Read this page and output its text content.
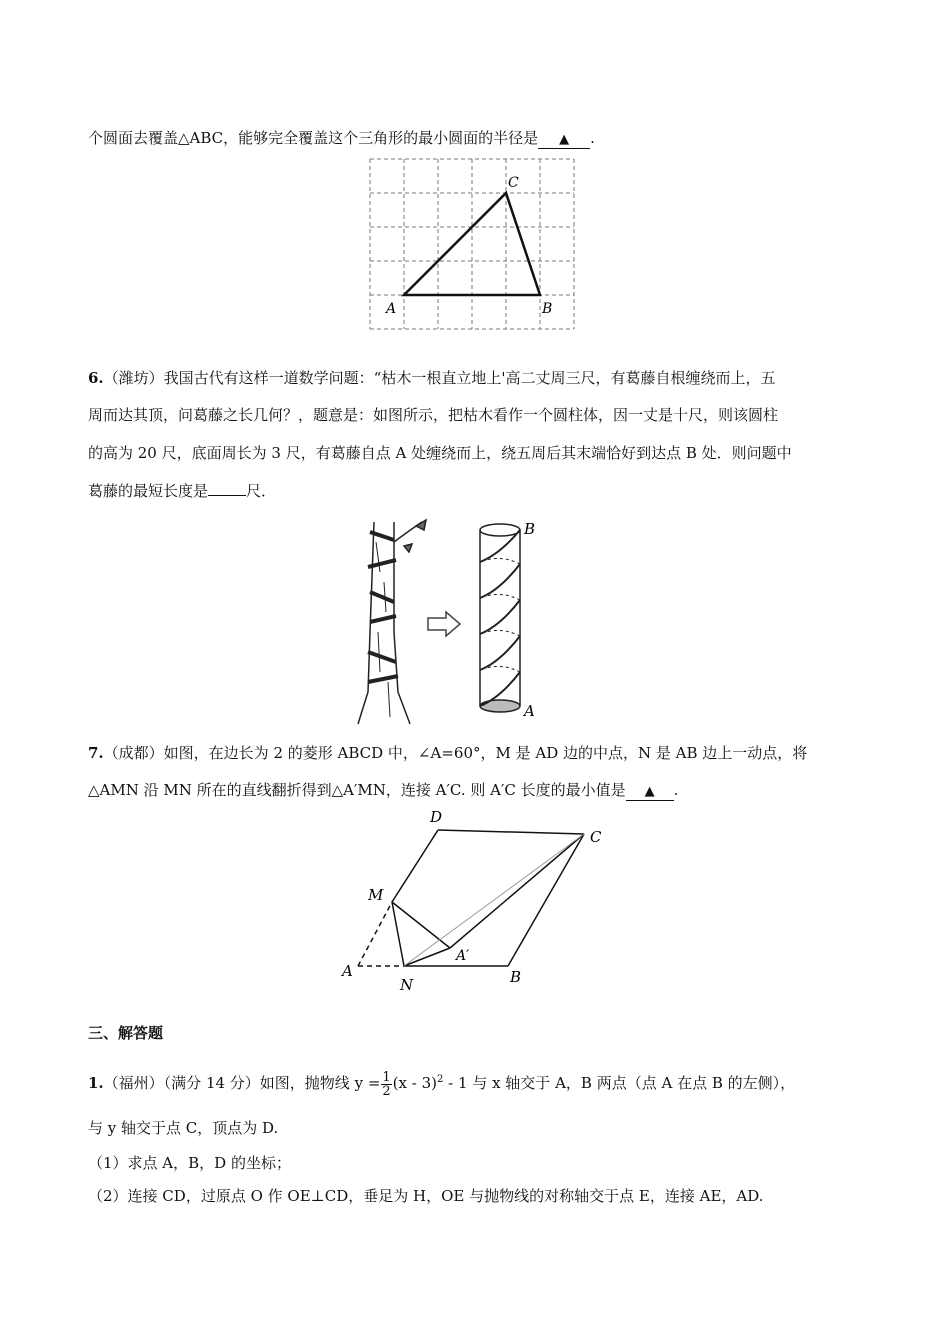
个圆面去覆盖△ABC，能够完全覆盖这个三角形的最小圆面的半径是 ▲ .
A	B
C
6.（潍坊）我国古代有这样一道数学问题：“枯木一根直立地上'高二丈周三尺，有葛藤自根缠绕而上，五
周而达其顶，问葛藤之长几何？，题意是：如图所示，把枯木看作一个圆柱体，因一丈是十尺，则该圆柱
的高为 20 尺，底面周长为 3 尺，有葛藤自点 A 处缠绕而上，绕五周后其末端恰好到达点 B 处．则问题中
葛藤的最短长度是	尺．
B
A
7.（成都）如图，在边长为 2 的菱形 ABCD 中，∠A=60°，M 是 AD 边的中点，N 是 AB 边上一动点，将
△AMN 沿 MN 所在的直线翻折得到△A′MN，连接 A′C. 则 A′C 长度的最小值是 ▲ .
D
C
M
A′
A	B
N
三、解答题
1.（福州）（满分 14 分）如图，抛物线 $y = \frac{1}{2} (x - 3)^2 - 1$ 与 x 轴交于 A，B 两点（点 A 在点 B 的左侧），
与 y 轴交于点 C，顶点为 D.
（1）求点 A，B，D 的坐标；
（2）连接 CD，过原点 O 作 OE⊥CD，垂足为 H，OE 与抛物线的对称轴交于点 E，连接 AE，AD.
